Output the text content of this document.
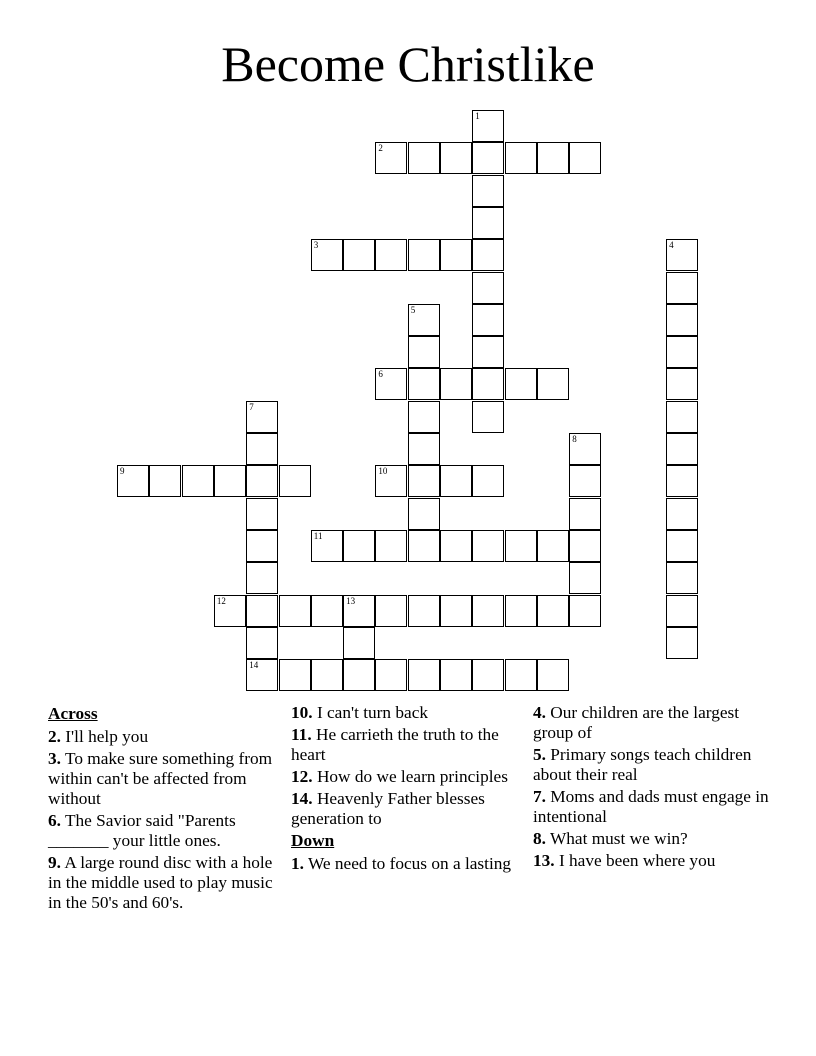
Become Christlike
1
2
3	4
5
6
7
8
9	10
11
12	13
14
Across
2. I'll help you
3. To make sure something from within can't be affected from without
6. The Savior said "Parents _______ your little ones.
9. A large round disc with a hole in the middle used to play music in the 50's and 60's.
10. I can't turn back
11. He carrieth the truth to the heart
12. How do we learn principles
14. Heavenly Father blesses generation to
Down
1. We need to focus on a lasting
4. Our children are the largest group of
5. Primary songs teach children about their real
7. Moms and dads must engage in intentional
8. What must we win?
13. I have been where you
